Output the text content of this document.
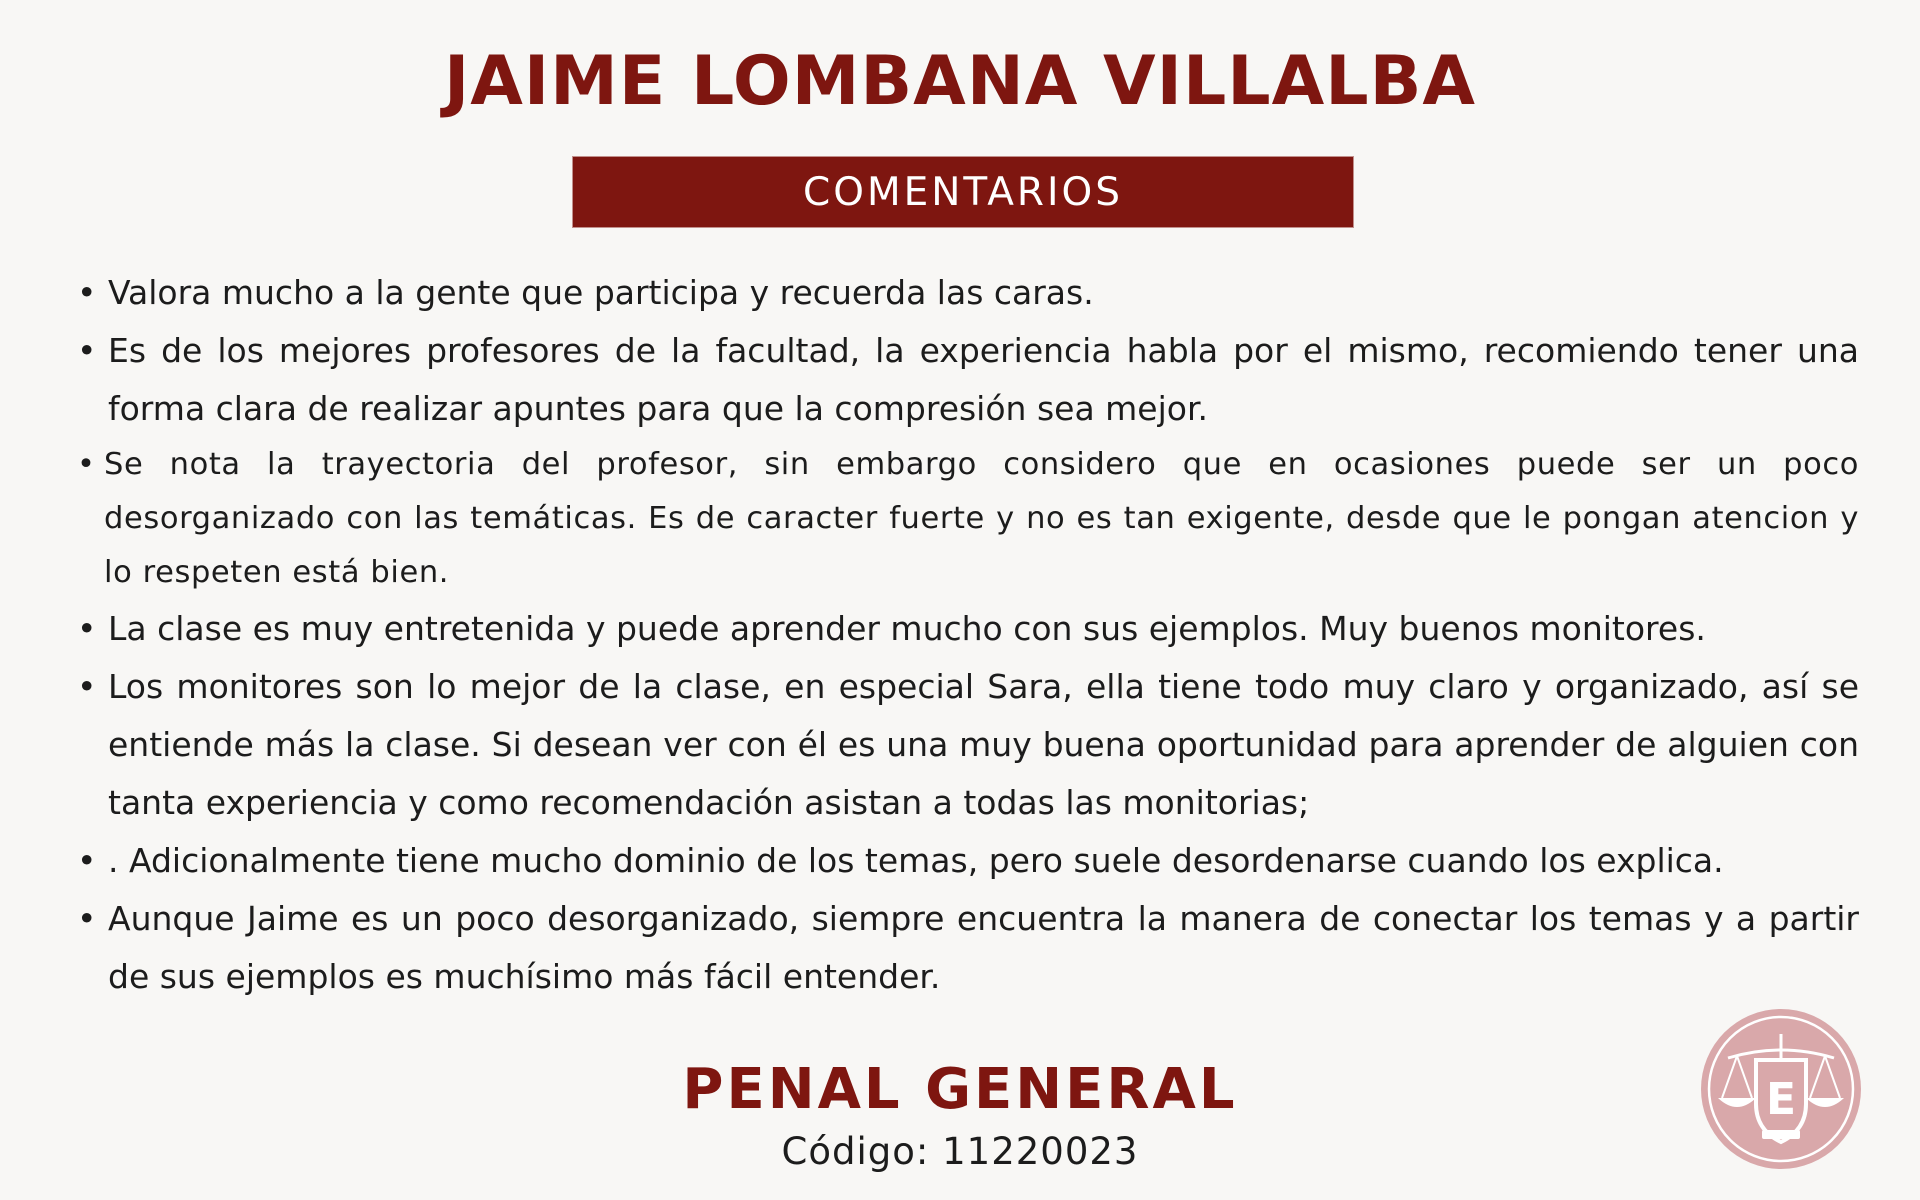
JAIME LOMBANA VILLALBA
COMENTARIOS
• Valora mucho a la gente que participa y recuerda las caras.
• Es de los mejores profesores de la facultad, la experiencia habla por el mismo, recomiendo tener una forma clara de realizar apuntes para que la compresión sea mejor.
• Se nota la trayectoria del profesor, sin embargo considero que en ocasiones puede ser un poco desorganizado con las temáticas. Es de caracter fuerte y no es tan exigente, desde que le pongan atencion y lo respeten está bien.
• La clase es muy entretenida y puede aprender mucho con sus ejemplos. Muy buenos monitores.
• Los monitores son lo mejor de la clase, en especial Sara, ella tiene todo muy claro y organizado, así se entiende más la clase. Si desean ver con él es una muy buena oportunidad para aprender de alguien con tanta experiencia y como recomendación asistan a todas las monitorias;
• . Adicionalmente tiene mucho dominio de los temas, pero suele desordenarse cuando los explica.
• Aunque Jaime es un poco desorganizado, siempre encuentra la manera de conectar los temas y a partir de sus ejemplos es muchísimo más fácil entender.
PENAL GENERAL
Código: 11220023
E
